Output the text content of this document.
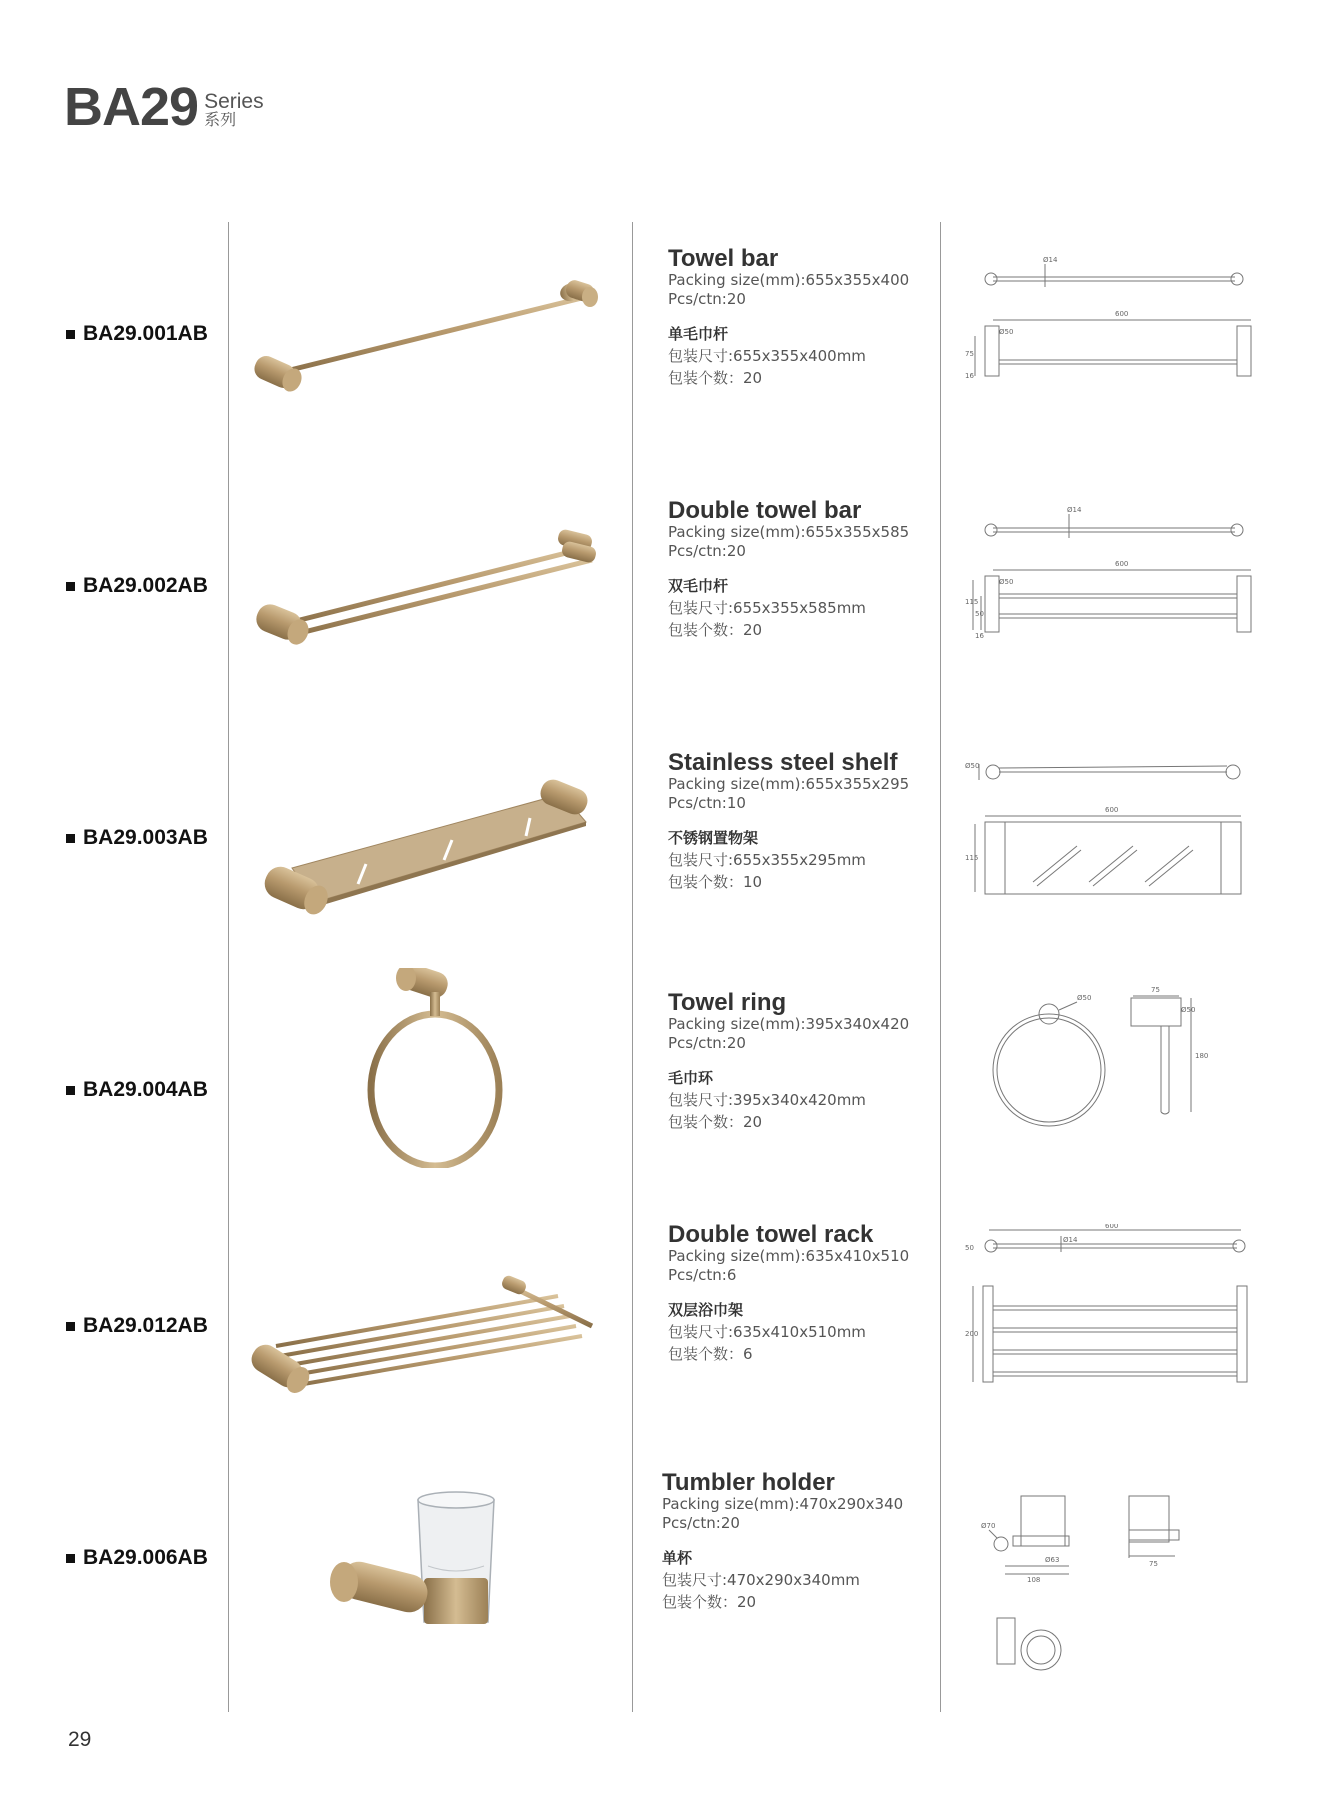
BA29 Series
系列
BA29.001AB
Towel bar
Packing size(mm):655x355x400
Pcs/ctn:20
单毛巾杆
包装尺寸:655x355x400mm
包装个数：20
Ø14
600
Ø50
75
16
BA29.002AB
Double towel bar
Packing size(mm):655x355x585
Pcs/ctn:20
双毛巾杆
包装尺寸:655x355x585mm
包装个数：20
Ø14
600
Ø50
115
50
16
BA29.003AB
Stainless steel shelf
Packing size(mm):655x355x295
Pcs/ctn:10
不锈钢置物架
包装尺寸:655x355x295mm
包装个数：10
Ø50
600
115
BA29.004AB
Towel ring
Packing size(mm):395x340x420
Pcs/ctn:20
毛巾环
包装尺寸:395x340x420mm
包装个数：20
Ø50
75
Ø50
180
BA29.012AB
Double towel rack
Packing size(mm):635x410x510
Pcs/ctn:6
双层浴巾架
包装尺寸:635x410x510mm
包装个数：6
600
Ø14
50
200
BA29.006AB
Tumbler holder
Packing size(mm):470x290x340
Pcs/ctn:20
单杯
包装尺寸:470x290x340mm
包装个数：20
Ø70
Ø63
108
75
29
